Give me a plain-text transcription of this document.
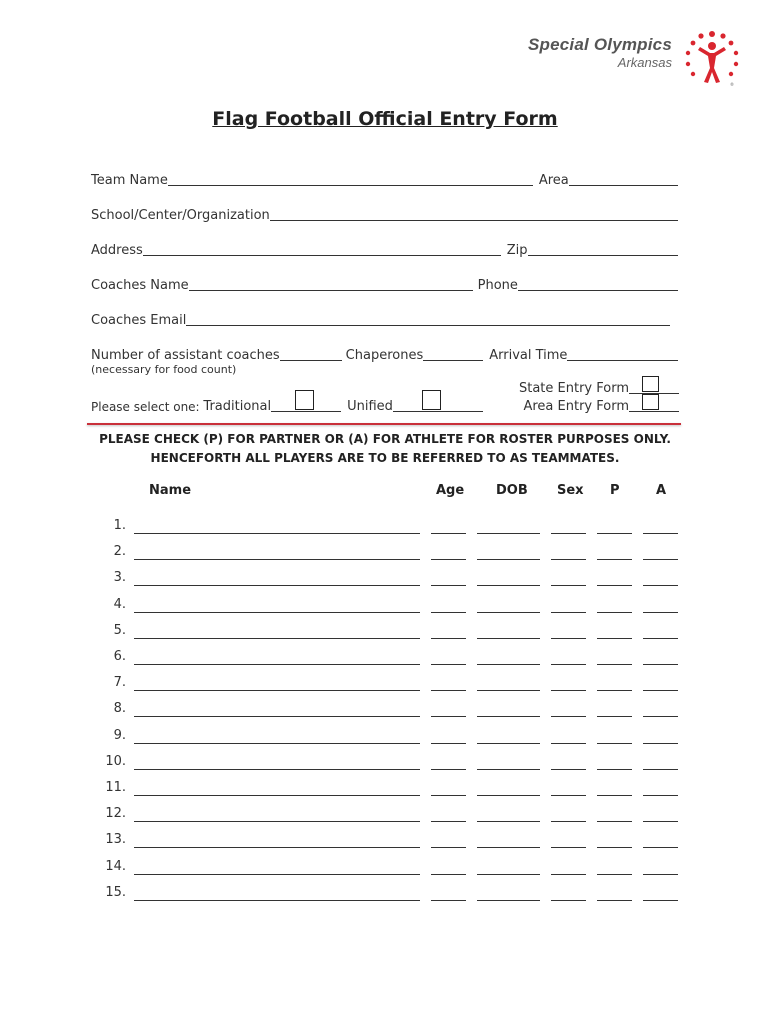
Special Olympics
Arkansas
®
Flag Football Official Entry Form
Team Name	Area
School/Center/Organization
Address	Zip
Coaches Name	Phone
Coaches Email
Number of assistant coaches	Chaperones	Arrival Time
(necessary for food count)
Please select one: Traditional	Unified
State Entry Form
Area Entry Form
PLEASE CHECK (P) FOR PARTNER OR (A) FOR ATHLETE FOR ROSTER PURPOSES ONLY.
HENCEFORTH ALL PLAYERS ARE TO BE REFERRED TO AS TEAMMATES.
Name	Age DOB Sex P	A
1.
2.
3.
4.
5.
6.
7.
8.
9.
10.
11.
12.
13.
14.
15.
